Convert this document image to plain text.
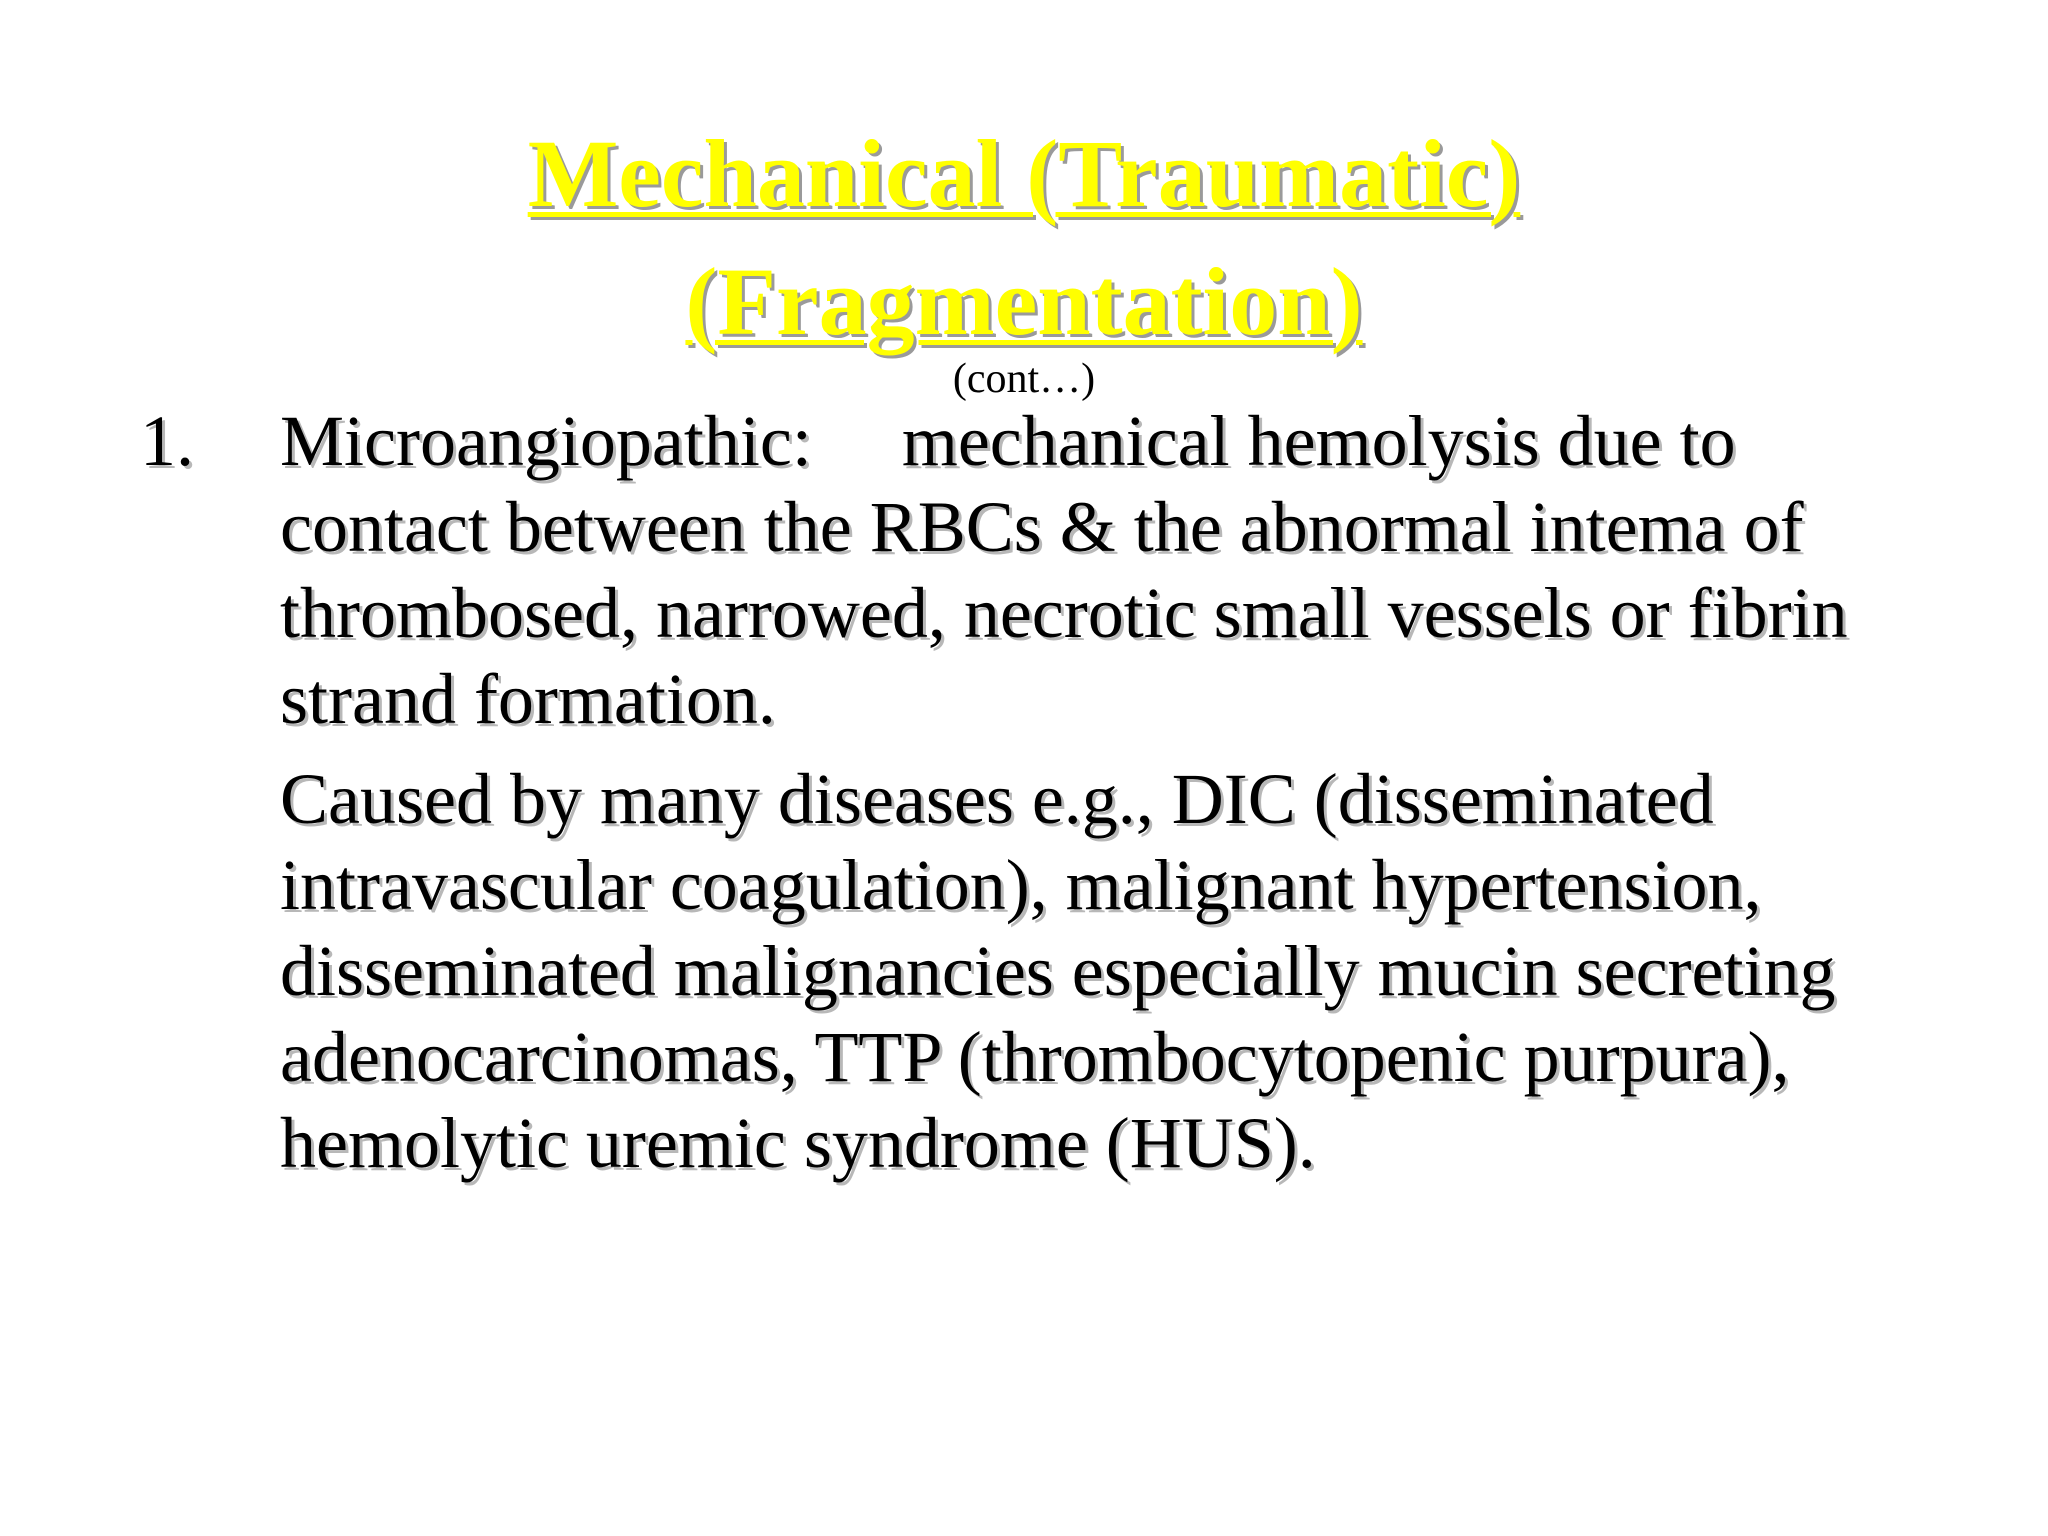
Mechanical (Traumatic)
(Fragmentation)
(cont…)
1. Microangiopathic:     mechanical hemolysis due to contact between the RBCs & the abnormal intema of thrombosed, narrowed, necrotic small vessels or fibrin strand formation.

Caused by many diseases e.g., DIC (disseminated intravascular coagulation), malignant hypertension, disseminated malignancies especially mucin secreting adenocarcinomas, TTP (thrombocytopenic purpura), hemolytic uremic syndrome (HUS).
